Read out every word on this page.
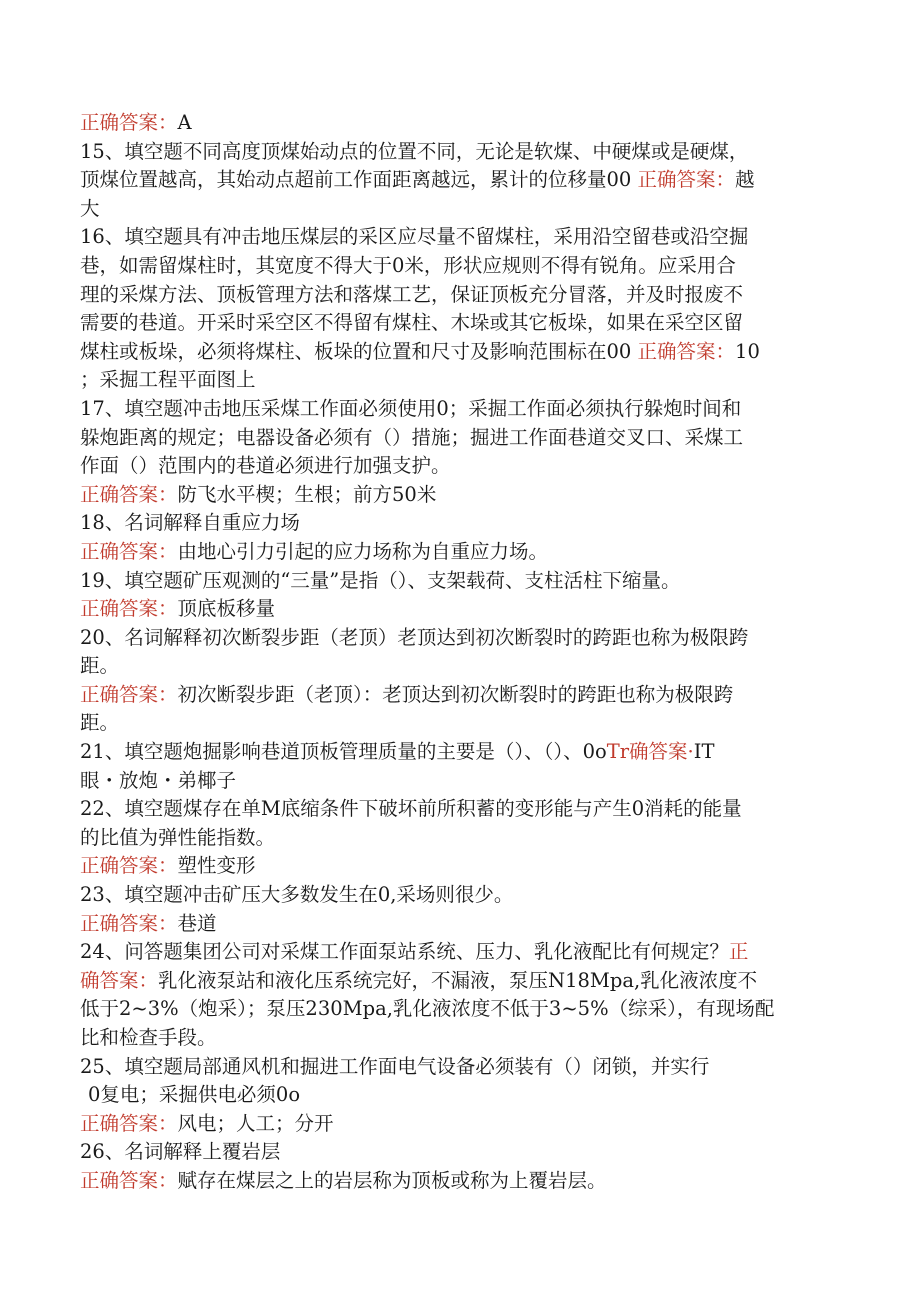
正确答案：A
15、填空题不同高度顶煤始动点的位置不同，无论是软煤、中硬煤或是硬煤，
顶煤位置越高，其始动点超前工作面距离越远，累计的位移量00 正确答案：越
大
16、填空题具有冲击地压煤层的采区应尽量不留煤柱，采用沿空留巷或沿空掘
巷，如需留煤柱时，其宽度不得大于0米，形状应规则不得有锐角。应采用合
理的采煤方法、顶板管理方法和落煤工艺，保证顶板充分冒落，并及时报废不
需要的巷道。开采时采空区不得留有煤柱、木垛或其它板垛，如果在采空区留
煤柱或板垛，必须将煤柱、板垛的位置和尺寸及影响范围标在00 正确答案：10
；采掘工程平面图上
17、填空题冲击地压采煤工作面必须使用0；采掘工作面必须执行躲炮时间和
躲炮距离的规定；电器设备必须有（）措施；掘进工作面巷道交叉口、采煤工
作面（）范围内的巷道必须进行加强支护。
正确答案：防飞水平楔；生根；前方50米
18、名词解释自重应力场
正确答案：由地心引力引起的应力场称为自重应力场。
19、填空题矿压观测的“三量”是指（）、支架载荷、支柱活柱下缩量。
正确答案：顶底板移量
20、名词解释初次断裂步距（老顶）老顶达到初次断裂时的跨距也称为极限跨
距。
正确答案：初次断裂步距（老顶）：老顶达到初次断裂时的跨距也称为极限跨
距。
21、填空题炮掘影响巷道顶板管理质量的主要是（）、（）、0oTr确答案·IT
眼・放炮・弟椰子
22、填空题煤存在单M底缩条件下破坏前所积蓄的变形能与产生0消耗的能量
的比值为弹性能指数。
正确答案：塑性变形
23、填空题冲击矿压大多数发生在0,采场则很少。
正确答案：巷道
24、问答题集团公司对采煤工作面泵站系统、压力、乳化液配比有何规定？正
确答案：乳化液泵站和液化压系统完好，不漏液，泵压N18Mpa,乳化液浓度不
低于2~3%（炮采）；泵压230Mpa,乳化液浓度不低于3~5%（综采），有现场配
比和检查手段。
25、填空题局部通风机和掘进工作面电气设备必须装有（）闭锁，并实行
0复电；采掘供电必须0o
正确答案：风电；人工；分开
26、名词解释上覆岩层
正确答案：赋存在煤层之上的岩层称为顶板或称为上覆岩层。
